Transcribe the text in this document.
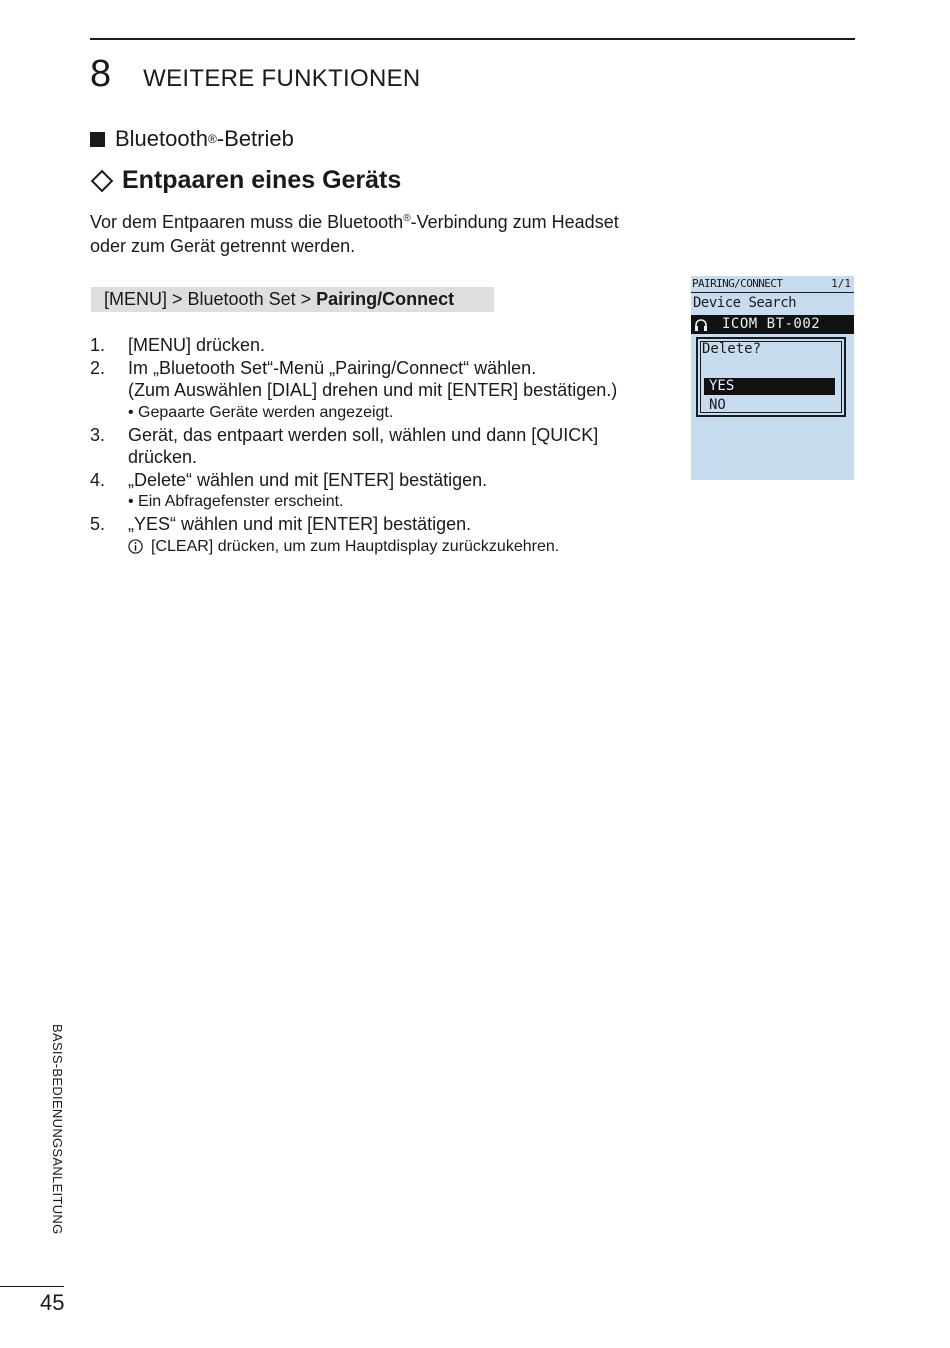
8 WEITERE FUNKTIONEN
Bluetooth ® -Betrieb
Entpaaren eines Geräts
Vor dem Entpaaren muss die Bluetooth®-Verbindung zum Headset oder zum Gerät getrennt werden.
[MENU] > Bluetooth Set > Pairing/Connect
1.	[MENU] drücken.
2.	Im „Bluetooth Set“-Menü „Pairing/Connect“ wählen.
(Zum Auswählen [DIAL] drehen und mit [ENTER] bestätigen.)
• Gepaarte Geräte werden angezeigt.
3.	Gerät, das entpaart werden soll, wählen und dann [QUICK] drücken.
4.	„Delete“ wählen und mit [ENTER] bestätigen.
• Ein Abfragefenster erscheint.
5.	„YES“ wählen und mit [ENTER] bestätigen.
[CLEAR] drücken, um zum Hauptdisplay zurückzukehren.
PAIRING/CONNECT	1/1
Device Search
ICOM BT-002
Delete?
YES
NO
BASIS-BEDIENUNGSANLEITUNG
45
